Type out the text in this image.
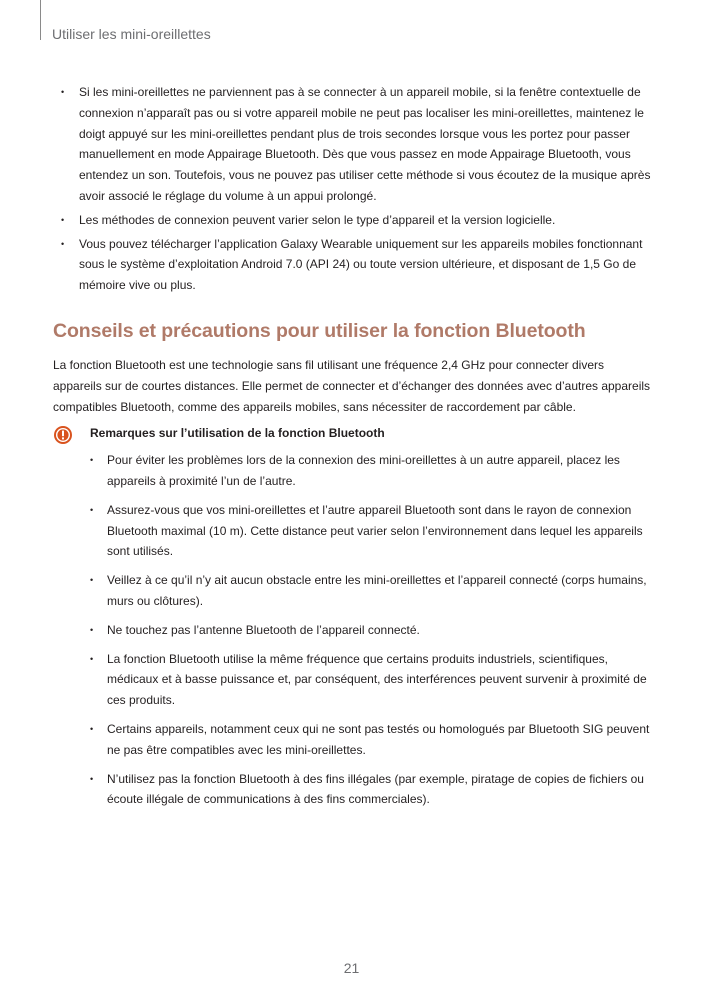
Utiliser les mini-oreillettes
• Si les mini-oreillettes ne parviennent pas à se connecter à un appareil mobile, si la fenêtre contextuelle de connexion n’apparaît pas ou si votre appareil mobile ne peut pas localiser les mini-oreillettes, maintenez le doigt appuyé sur les mini-oreillettes pendant plus de trois secondes lorsque vous les portez pour passer manuellement en mode Appairage Bluetooth. Dès que vous passez en mode Appairage Bluetooth, vous entendez un son. Toutefois, vous ne pouvez pas utiliser cette méthode si vous écoutez de la musique après avoir associé le réglage du volume à un appui prolongé.
• Les méthodes de connexion peuvent varier selon le type d’appareil et la version logicielle.
• Vous pouvez télécharger l’application Galaxy Wearable uniquement sur les appareils mobiles fonctionnant sous le système d’exploitation Android 7.0 (API 24) ou toute version ultérieure, et disposant de 1,5 Go de mémoire vive ou plus.
Conseils et précautions pour utiliser la fonction Bluetooth

La fonction Bluetooth est une technologie sans fil utilisant une fréquence 2,4 GHz pour connecter divers appareils sur de courtes distances. Elle permet de connecter et d’échanger des données avec d’autres appareils compatibles Bluetooth, comme des appareils mobiles, sans nécessiter de raccordement par câble.

Remarques sur l’utilisation de la fonction Bluetooth
• Pour éviter les problèmes lors de la connexion des mini-oreillettes à un autre appareil, placez les appareils à proximité l’un de l’autre.
• Assurez-vous que vos mini-oreillettes et l’autre appareil Bluetooth sont dans le rayon de connexion Bluetooth maximal (10 m). Cette distance peut varier selon l’environnement dans lequel les appareils sont utilisés.
• Veillez à ce qu’il n’y ait aucun obstacle entre les mini-oreillettes et l’appareil connecté (corps humains, murs ou clôtures).
• Ne touchez pas l’antenne Bluetooth de l’appareil connecté.
• La fonction Bluetooth utilise la même fréquence que certains produits industriels, scientifiques, médicaux et à basse puissance et, par conséquent, des interférences peuvent survenir à proximité de ces produits.
• Certains appareils, notamment ceux qui ne sont pas testés ou homologués par Bluetooth SIG peuvent ne pas être compatibles avec les mini-oreillettes.
• N’utilisez pas la fonction Bluetooth à des fins illégales (par exemple, piratage de copies de fichiers ou écoute illégale de communications à des fins commerciales).
21
